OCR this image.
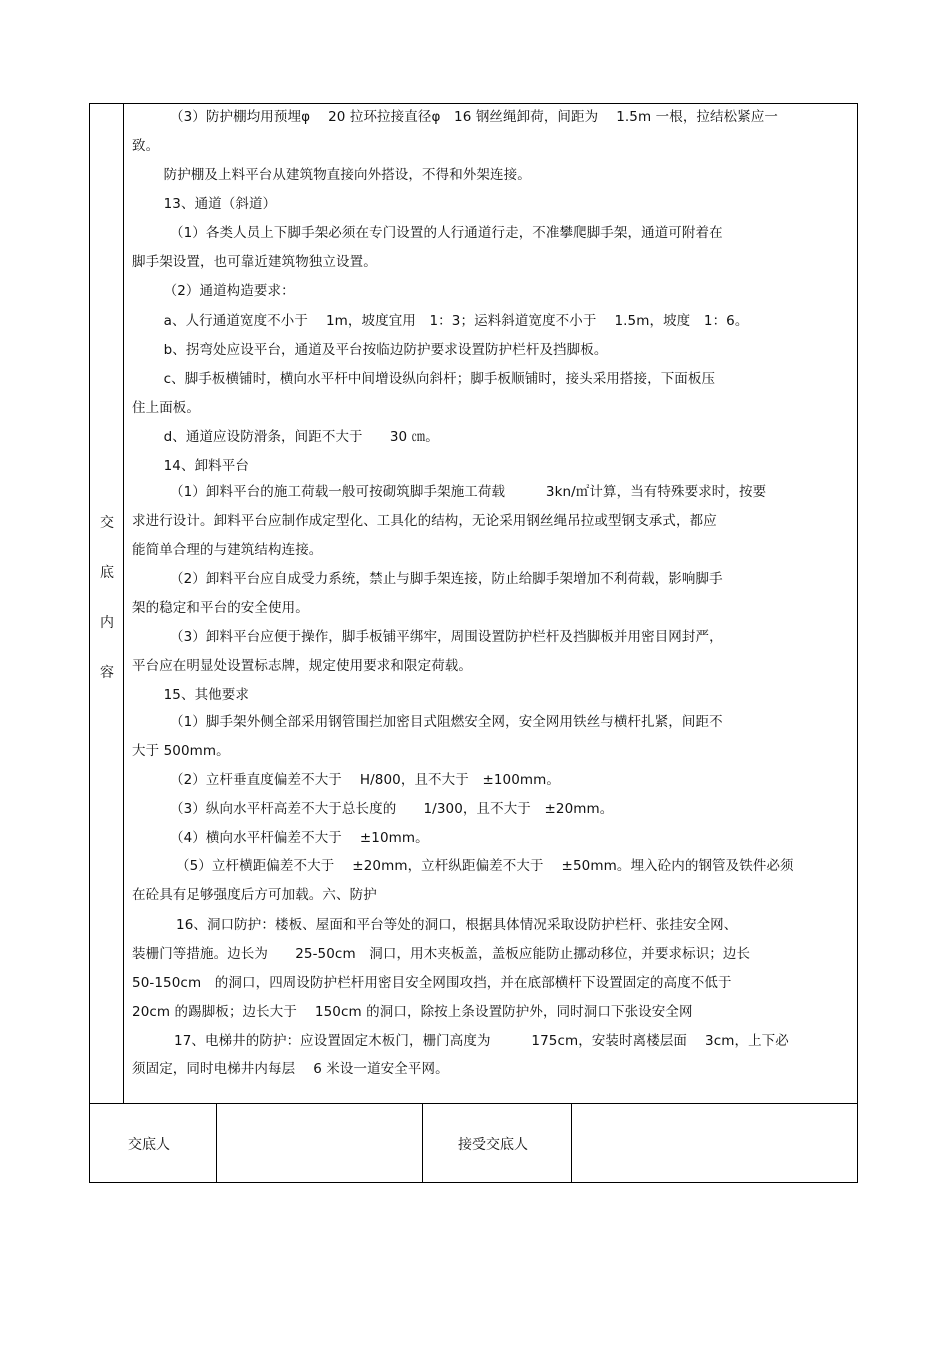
交
底
内
容
（3）防护棚均用预埋φ　 20 拉环拉接直径φ　16 钢丝绳卸荷，间距为　 1.5m 一根，拉结松紧应一
致。
　　 防护棚及上料平台从建筑物直接向外搭设，不得和外架连接。
　　 13、通道（斜道）
（1）各类人员上下脚手架必须在专门设置的人行通道行走，不准攀爬脚手架，通道可附着在
脚手架设置，也可靠近建筑物独立设置。
　　 （2）通道构造要求：
　　 a、人行通道宽度不小于　 1m，坡度宜用　1：3；运料斜道宽度不小于　 1.5m，坡度　1：6。
　　 b、拐弯处应设平台，通道及平台按临边防护要求设置防护栏杆及挡脚板。
　　 c、脚手板横铺时，横向水平杆中间增设纵向斜杆；脚手板顺铺时，接头采用搭接，下面板压
住上面板。
　　 d、通道应设防滑条，间距不大于　　30 ㎝。
　　 14、卸料平台
（1）卸料平台的施工荷载一般可按砌筑脚手架施工荷载　　　3kn/㎡计算，当有特殊要求时，按要
求进行设计。卸料平台应制作成定型化、工具化的结构，无论采用钢丝绳吊拉或型钢支承式，都应
能简单合理的与建筑结构连接。
（2）卸料平台应自成受力系统，禁止与脚手架连接，防止给脚手架增加不利荷载，影响脚手
架的稳定和平台的安全使用。
（3）卸料平台应便于操作，脚手板铺平绑牢，周围设置防护栏杆及挡脚板并用密目网封严，
平台应在明显处设置标志牌，规定使用要求和限定荷载。
　　 15、其他要求
（1）脚手架外侧全部采用钢管围拦加密目式阻燃安全网，安全网用铁丝与横杆扎紧，间距不
大于 500mm。
（2）立杆垂直度偏差不大于　 H/800，且不大于　±100mm。
（3）纵向水平杆高差不大于总长度的　　1/300，且不大于　±20mm。
（4）横向水平杆偏差不大于　 ±10mm。
（5）立杆横距偏差不大于　 ±20mm，立杆纵距偏差不大于　 ±50mm。埋入砼内的钢管及铁件必须
在砼具有足够强度后方可加载。六、防护
16、洞口防护：楼板、屋面和平台等处的洞口，根据具体情况采取设防护栏杆、张挂安全网、
装栅门等措施。边长为　　25-50cm　洞口，用木夹板盖，盖板应能防止挪动移位，并要求标识；边长
50-150cm　的洞口，四周设防护栏杆用密目安全网围攻挡，并在底部横杆下设置固定的高度不低于
20cm 的踢脚板；边长大于　 150cm 的洞口，除按上条设置防护外，同时洞口下张设安全网
17、电梯井的防护：应设置固定木板门，栅门高度为　　　175cm，安装时离楼层面　 3cm，上下必
须固定，同时电梯井内每层　 6 米设一道安全平网。
交底人	接受交底人
